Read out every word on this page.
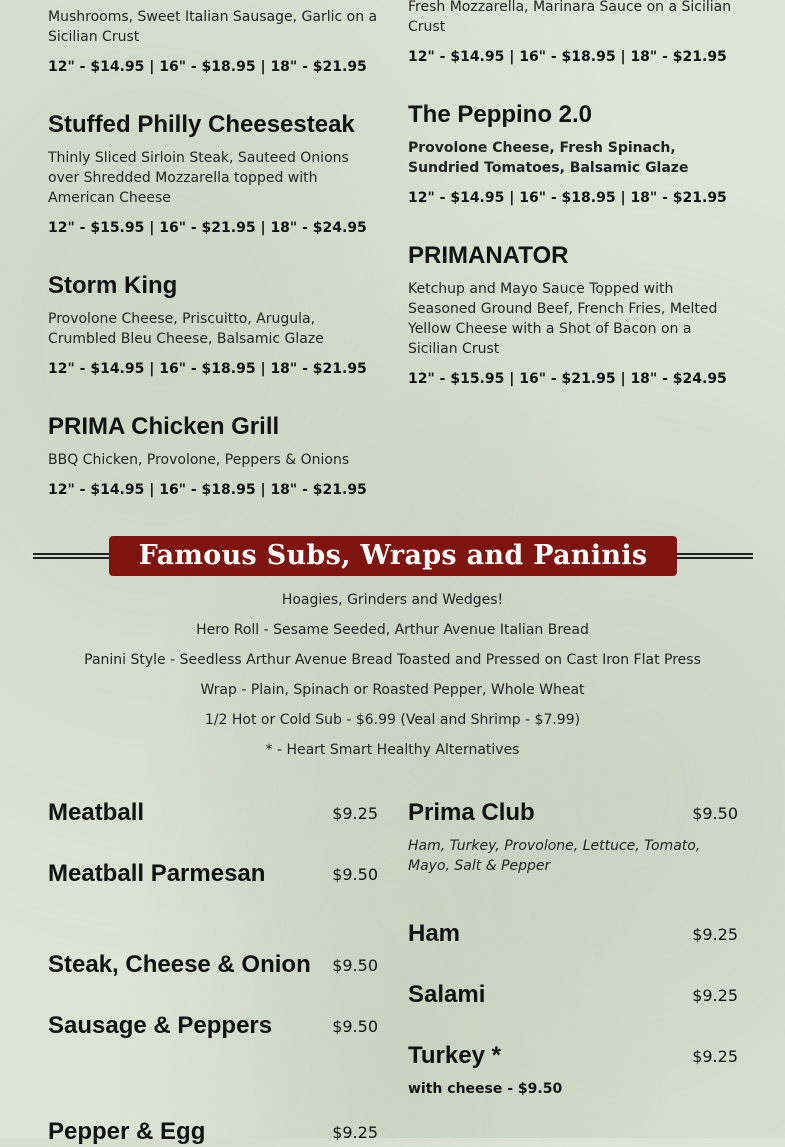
Mushrooms, Sweet Italian Sausage, Garlic on a Sicilian Crust

12" - $14.95 | 16" - $18.95 | 18" - $21.95

Stuffed Philly Cheesesteak

Thinly Sliced Sirloin Steak, Sauteed Onions over Shredded Mozzarella topped with American Cheese

12" - $15.95 | 16" - $21.95 | 18" - $24.95

Storm King

Provolone Cheese, Priscuitto, Arugula, Crumbled Bleu Cheese, Balsamic Glaze

12" - $14.95 | 16" - $18.95 | 18" - $21.95

PRIMA Chicken Grill

BBQ Chicken, Provolone, Peppers & Onions

12" - $14.95 | 16" - $18.95 | 18" - $21.95

Fresh Mozzarella, Marinara Sauce on a Sicilian Crust

12" - $14.95 | 16" - $18.95 | 18" - $21.95

The Peppino 2.0

Provolone Cheese, Fresh Spinach, Sundried Tomatoes, Balsamic Glaze

12" - $14.95 | 16" - $18.95 | 18" - $21.95

PRIMANATOR

Ketchup and Mayo Sauce Topped with Seasoned Ground Beef, French Fries, Melted Yellow Cheese with a Shot of Bacon on a Sicilian Crust

12" - $15.95 | 16" - $21.95 | 18" - $24.95

Famous Subs, Wraps and Paninis
Hoagies, Grinders and Wedges!
Hero Roll - Sesame Seeded, Arthur Avenue Italian Bread
Panini Style - Seedless Arthur Avenue Bread Toasted and Pressed on Cast Iron Flat Press
Wrap - Plain, Spinach or Roasted Pepper, Whole Wheat
1/2 Hot or Cold Sub - $6.99 (Veal and Shrimp - $7.99)
* - Heart Smart Healthy Alternatives
Meatball	$9.25
Meatball Parmesan	$9.50
Steak, Cheese & Onion	$9.50
Sausage & Peppers	$9.50
Pepper & Egg	$9.25
Prima Club	$9.50

Ham, Turkey, Provolone, Lettuce, Tomato, Mayo, Salt & Pepper

Ham	$9.25
Salami	$9.25
Turkey *	$9.25

with cheese - $9.50
